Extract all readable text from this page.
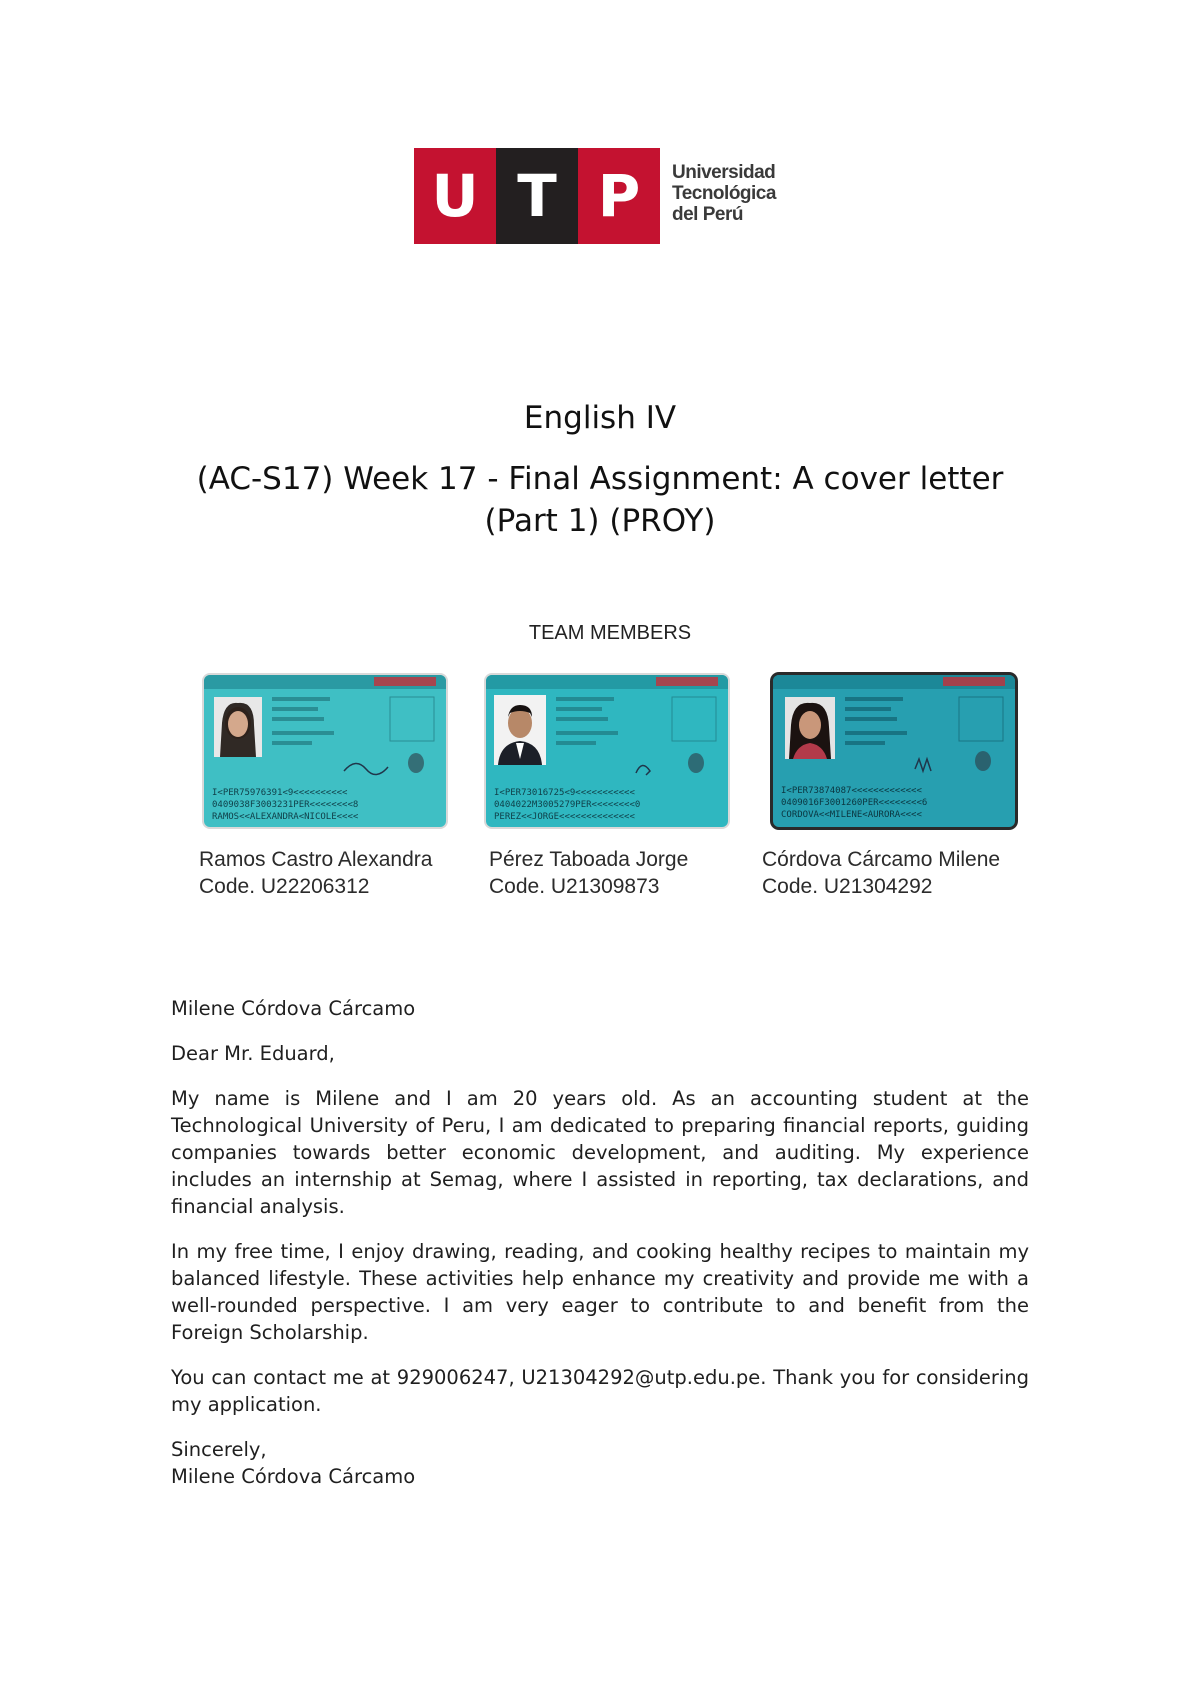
U T P	Universidad
Tecnológica
del Perú
English IV
(AC-S17) Week 17 - Final Assignment: A cover letter
(Part 1) (PROY)
TEAM MEMBERS
I<PER75976391<9<<<<<<<<<<
0409038F3003231PER<<<<<<<<8
RAMOS<<ALEXANDRA<NICOLE<<<<
I<PER73016725<9<<<<<<<<<<<
0404022M3005279PER<<<<<<<<0
PEREZ<<JORGE<<<<<<<<<<<<<<
I<PER73874087<<<<<<<<<<<<<
0409016F3001260PER<<<<<<<<6
CORDOVA<<MILENE<AURORA<<<<
Ramos Castro Alexandra
Code. U22206312
Pérez Taboada Jorge
Code. U21309873
Córdova Cárcamo Milene
Code. U21304292

Milene Córdova Cárcamo

Dear Mr. Eduard,

My name is Milene and I am 20 years old. As an accounting student at the Technological University of Peru, I am dedicated to preparing financial reports, guiding companies towards better economic development, and auditing. My experience includes an internship at Semag, where I assisted in reporting, tax declarations, and financial analysis.

In my free time, I enjoy drawing, reading, and cooking healthy recipes to maintain my balanced lifestyle. These activities help enhance my creativity and provide me with a well-rounded perspective. I am very eager to contribute to and benefit from the Foreign Scholarship.

You can contact me at 929006247, U21304292@utp.edu.pe. Thank you for considering my application.

Sincerely,
Milene Córdova Cárcamo
